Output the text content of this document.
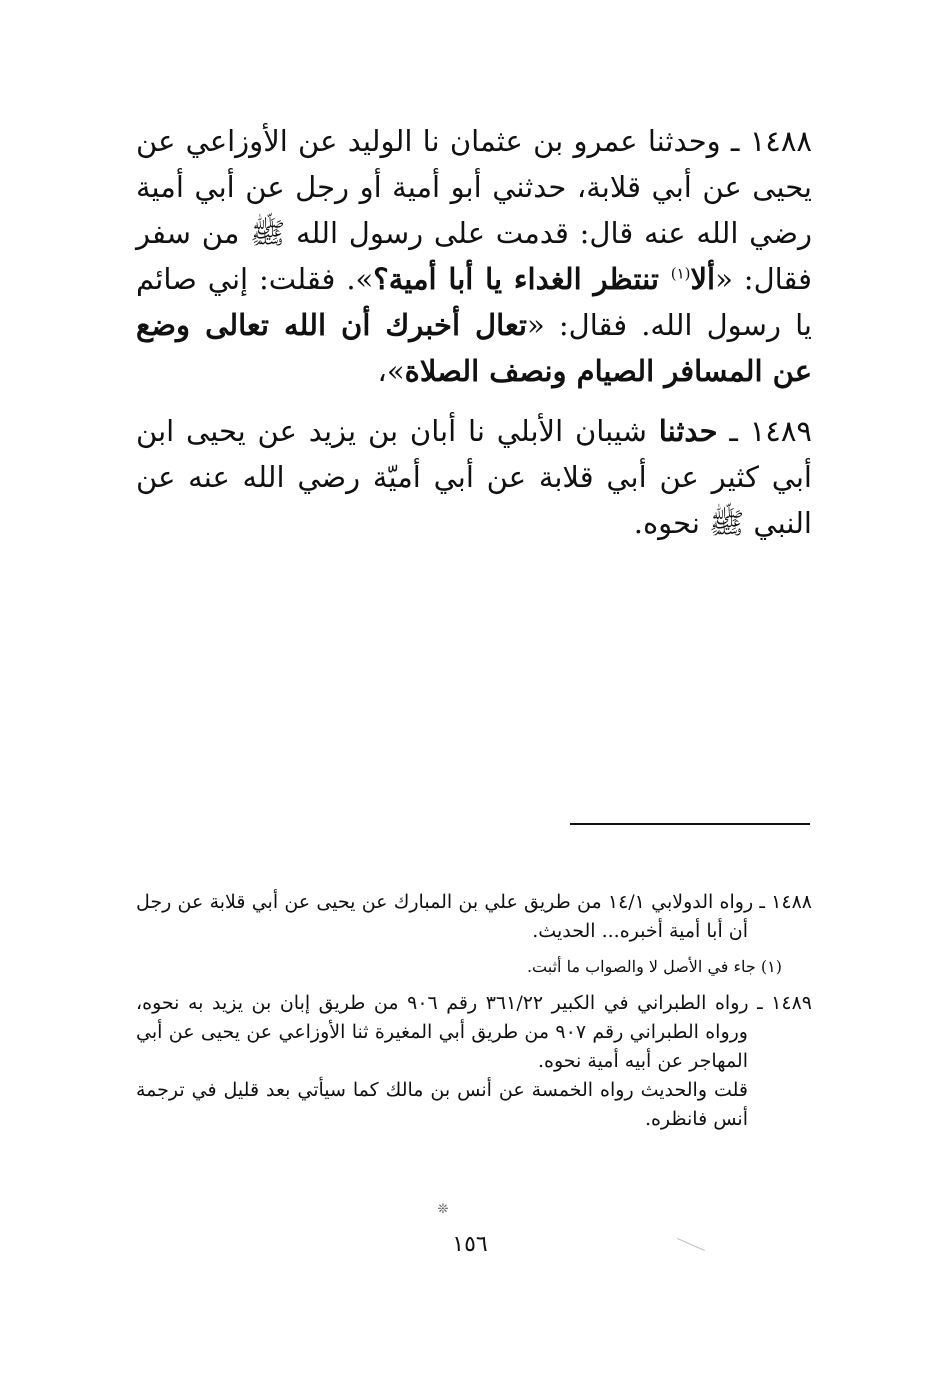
١٤٨٨ ـ وحدثنا عمرو بن عثمان نا الوليد عن الأوزاعي عن يحيى عن أبي قلابة، حدثني أبو أمية أو رجل عن أبي أمية رضي الله عنه قال: قدمت على رسول الله ﷺ من سفر فقال: «ألا$^{(١)}$ تنتظر الغداء يا أبا أمية؟». فقلت: إني صائم يا رسول الله. فقال: «تعال أخبرك أن الله تعالى وضع عن المسافر الصيام ونصف الصلاة»،

١٤٨٩ ـ حدثنا شيبان الأبلي نا أبان بن يزيد عن يحيى ابن أبي كثير عن أبي قلابة عن أبي أميّة رضي الله عنه عن النبي ﷺ نحوه.

١٤٨٨ ـ رواه الدولابي ١٤/١ من طريق علي بن المبارك عن يحيى عن أبي قلابة عن رجل أن أبا أمية أخبره... الحديث.

(١) جاء في الأصل لا والصواب ما أثبت.

١٤٨٩ ـ رواه الطبراني في الكبير ٣٦١/٢٢ رقم ٩٠٦ من طريق إبان بن يزيد به نحوه، ورواه الطبراني رقم ٩٠٧ من طريق أبي المغيرة ثنا الأوزاعي عن يحيى عن أبي المهاجر عن أبيه أمية نحوه.

قلت والحديث رواه الخمسة عن أنس بن مالك كما سيأتي بعد قليل في ترجمة أنس فانظره.

❊
١٥٦
